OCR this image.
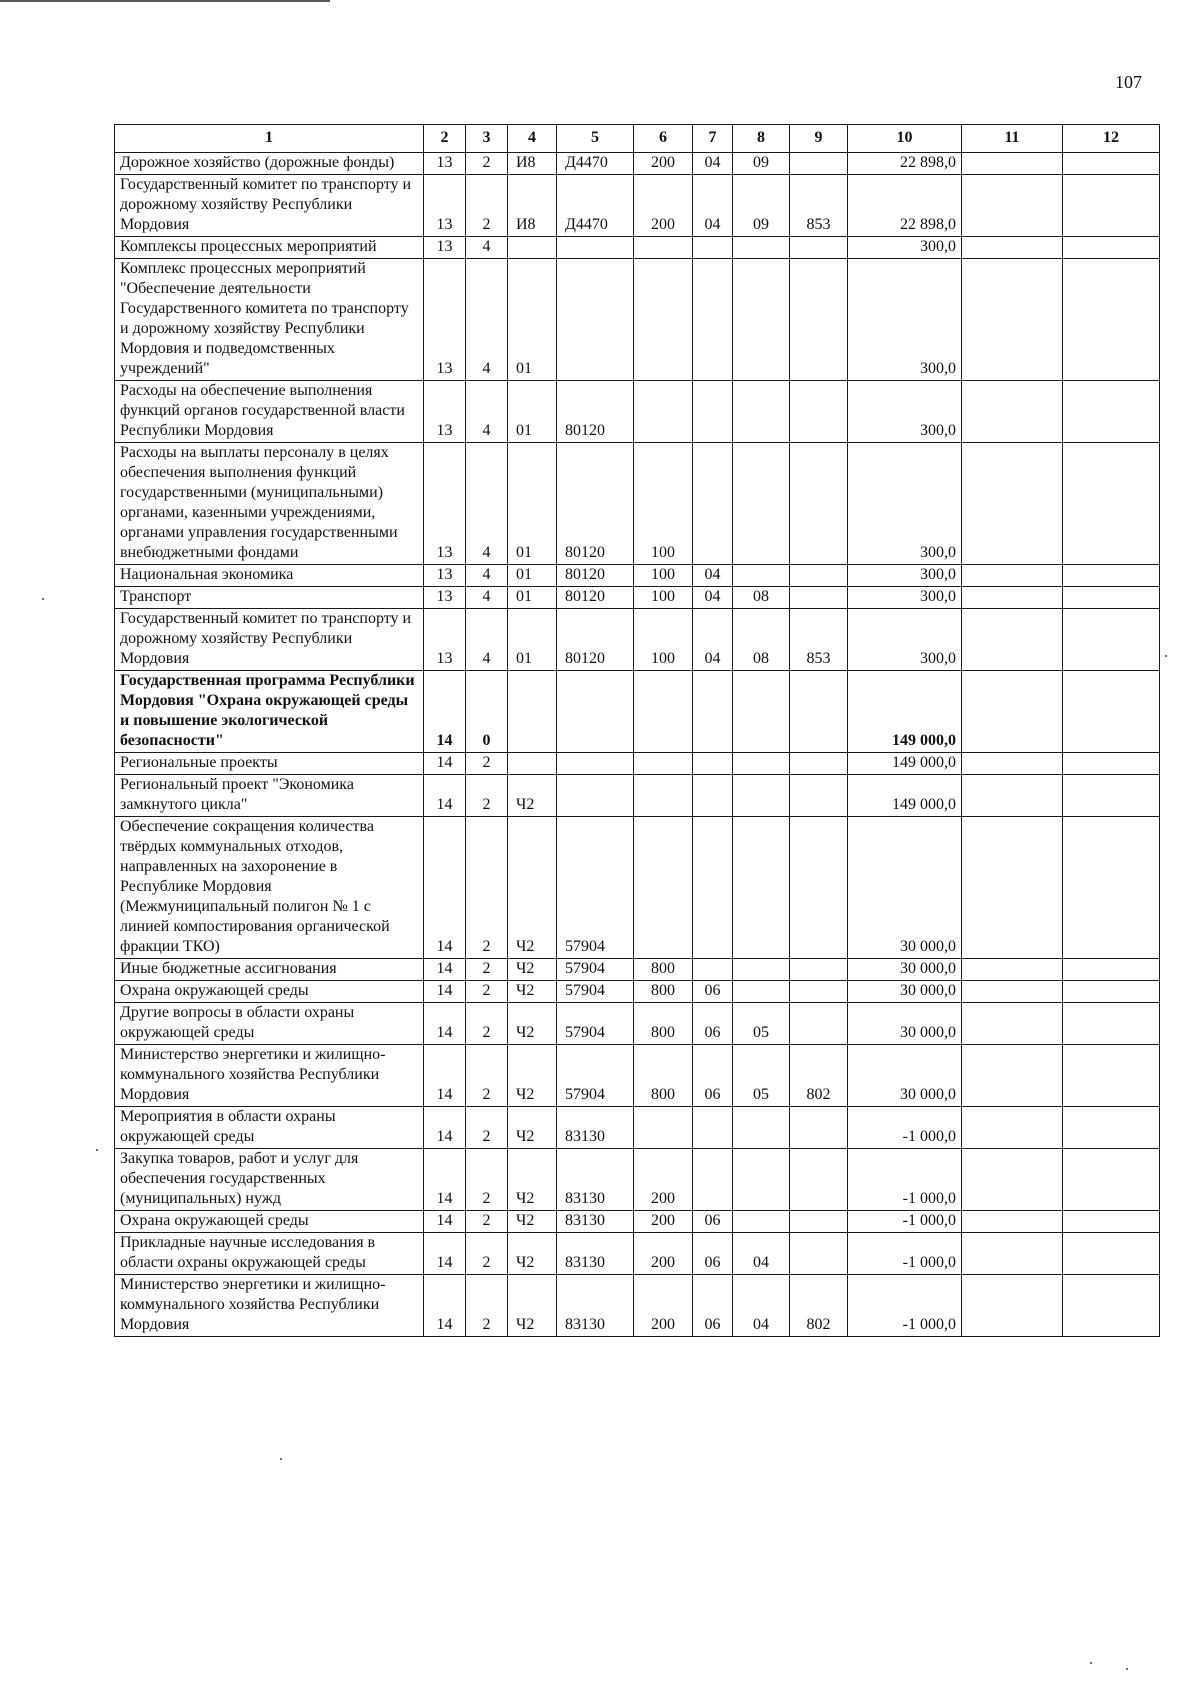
107
1	2	3	4	5	6	7	8	9	10	11	12
Дорожное хозяйство (дорожные фонды)	13	2	И8	Д4470	200	04	09		22 898,0		
Государственный комитет по транспорту и дорожному хозяйству Республики Мордовия	13	2	И8	Д4470	200	04	09	853	22 898,0		
Комплексы процессных мероприятий	13	4							300,0		
Комплекс процессных мероприятий "Обеспечение деятельности Государственного комитета по транспорту и дорожному хозяйству Республики Мордовия и подведомственных учреждений"	13	4	01						300,0		
Расходы на обеспечение выполнения функций органов государственной власти Республики Мордовия	13	4	01	80120					300,0		
Расходы на выплаты персоналу в целях обеспечения выполнения функций государственными (муниципальными) органами, казенными учреждениями, органами управления государственными внебюджетными фондами	13	4	01	80120	100				300,0		
Национальная экономика	13	4	01	80120	100	04			300,0		
Транспорт	13	4	01	80120	100	04	08		300,0		
Государственный комитет по транспорту и дорожному хозяйству Республики Мордовия	13	4	01	80120	100	04	08	853	300,0		
Государственная программа Республики Мордовия "Охрана окружающей среды и повышение экологической безопасности"	14	0							149 000,0		
Региональные проекты	14	2							149 000,0		
Региональный проект "Экономика замкнутого цикла"	14	2	Ч2						149 000,0		
Обеспечение сокращения количества твёрдых коммунальных отходов, направленных на захоронение в Республике Мордовия (Межмуниципальный полигон № 1 с линией компостирования органической фракции ТКО)	14	2	Ч2	57904					30 000,0		
Иные бюджетные ассигнования	14	2	Ч2	57904	800				30 000,0		
Охрана окружающей среды	14	2	Ч2	57904	800	06			30 000,0		
Другие вопросы в области охраны окружающей среды	14	2	Ч2	57904	800	06	05		30 000,0		
Министерство энергетики и жилищно-коммунального хозяйства Республики Мордовия	14	2	Ч2	57904	800	06	05	802	30 000,0		
Мероприятия в области охраны окружающей среды	14	2	Ч2	83130					-1 000,0		
Закупка товаров, работ и услуг для обеспечения государственных (муниципальных) нужд	14	2	Ч2	83130	200				-1 000,0		
Охрана окружающей среды	14	2	Ч2	83130	200	06			-1 000,0		
Прикладные научные исследования в области охраны окружающей среды	14	2	Ч2	83130	200	06	04		-1 000,0		
Министерство энергетики и жилищно-коммунального хозяйства Республики Мордовия	14	2	Ч2	83130	200	06	04	802	-1 000,0		
